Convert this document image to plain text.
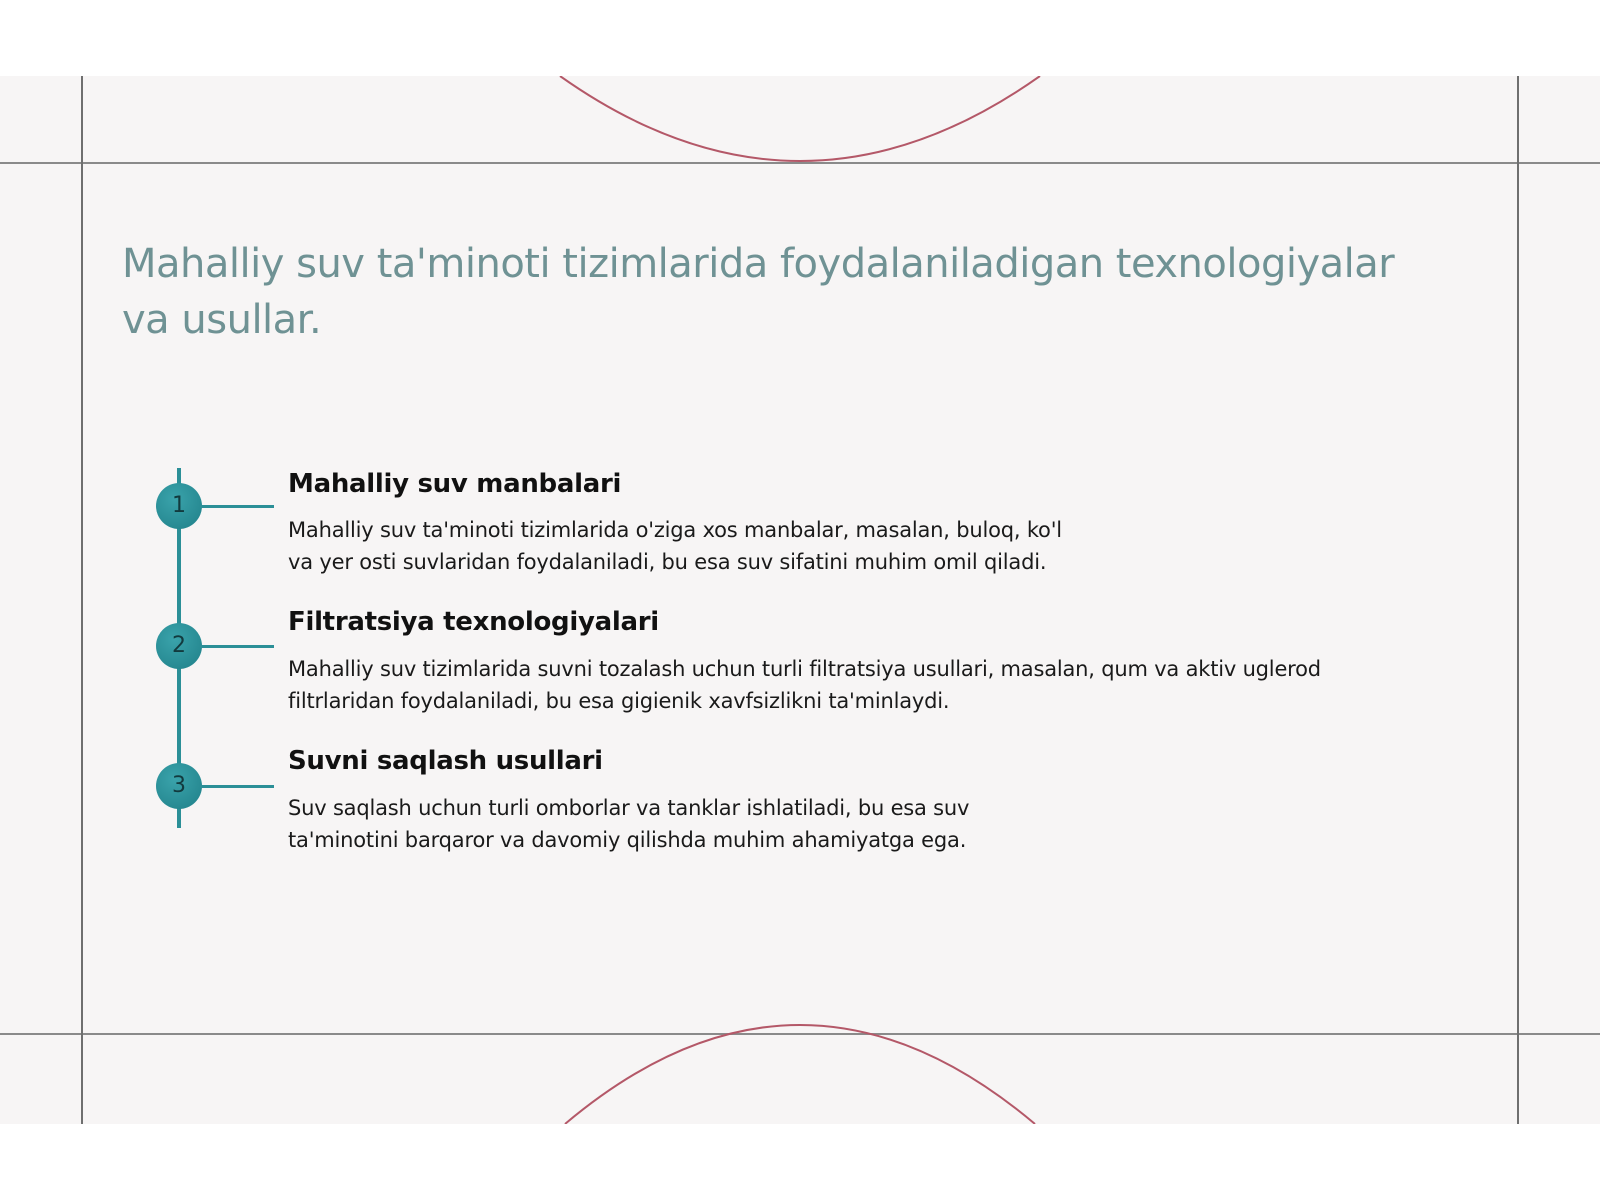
Mahalliy suv ta'minoti tizimlarida foydalaniladigan texnologiyalar va usullar.
1

Mahalliy suv manbalari

Mahalliy suv ta'minoti tizimlarida o'ziga xos manbalar, masalan, buloq, ko'l

va yer osti suvlaridan foydalaniladi, bu esa suv sifatini muhim omil qiladi.

2

Filtratsiya texnologiyalari

Mahalliy suv tizimlarida suvni tozalash uchun turli filtratsiya usullari, masalan, qum va aktiv uglerod

filtrlaridan foydalaniladi, bu esa gigienik xavfsizlikni ta'minlaydi.

3

Suvni saqlash usullari

Suv saqlash uchun turli omborlar va tanklar ishlatiladi, bu esa suv

ta'minotini barqaror va davomiy qilishda muhim ahamiyatga ega.
